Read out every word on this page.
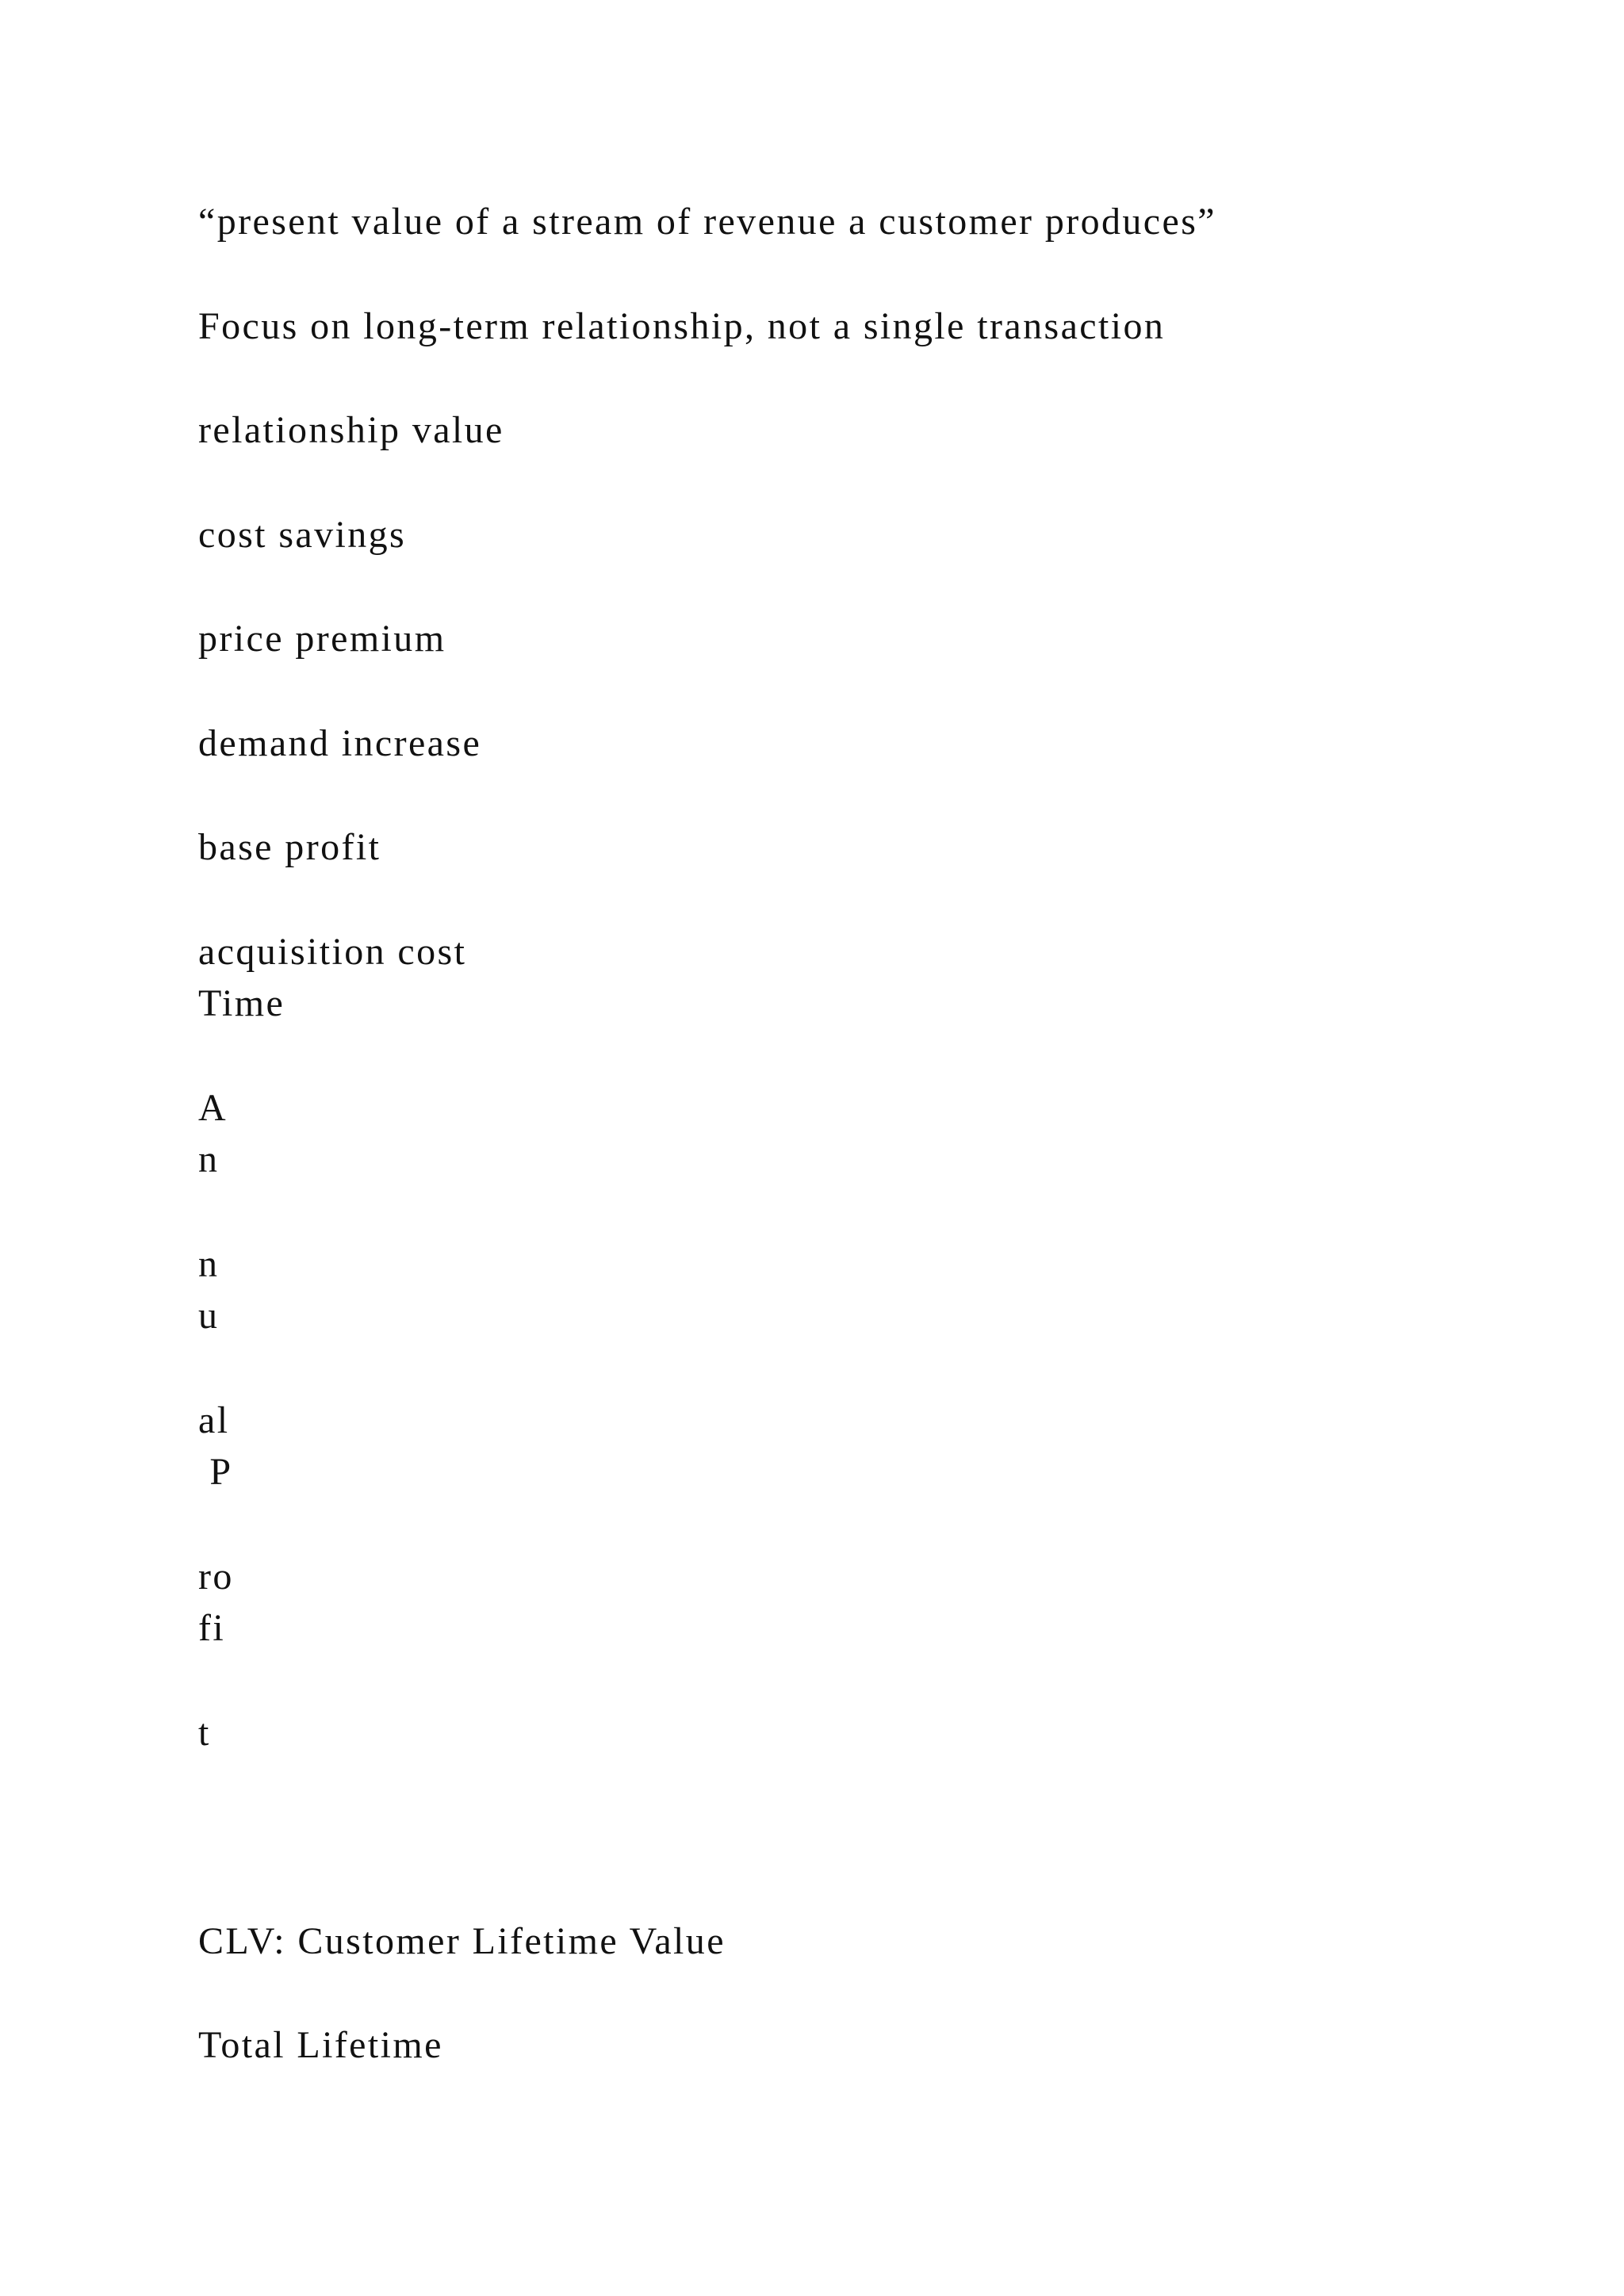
“present value of a stream of revenue a customer produces”

Focus on long-term relationship, not a single transaction

relationship value

cost savings

price premium

demand increase

base profit

acquisition cost

Time

A

n

n

u

al

P

ro

fi

t

CLV: Customer Lifetime Value

Total Lifetime
